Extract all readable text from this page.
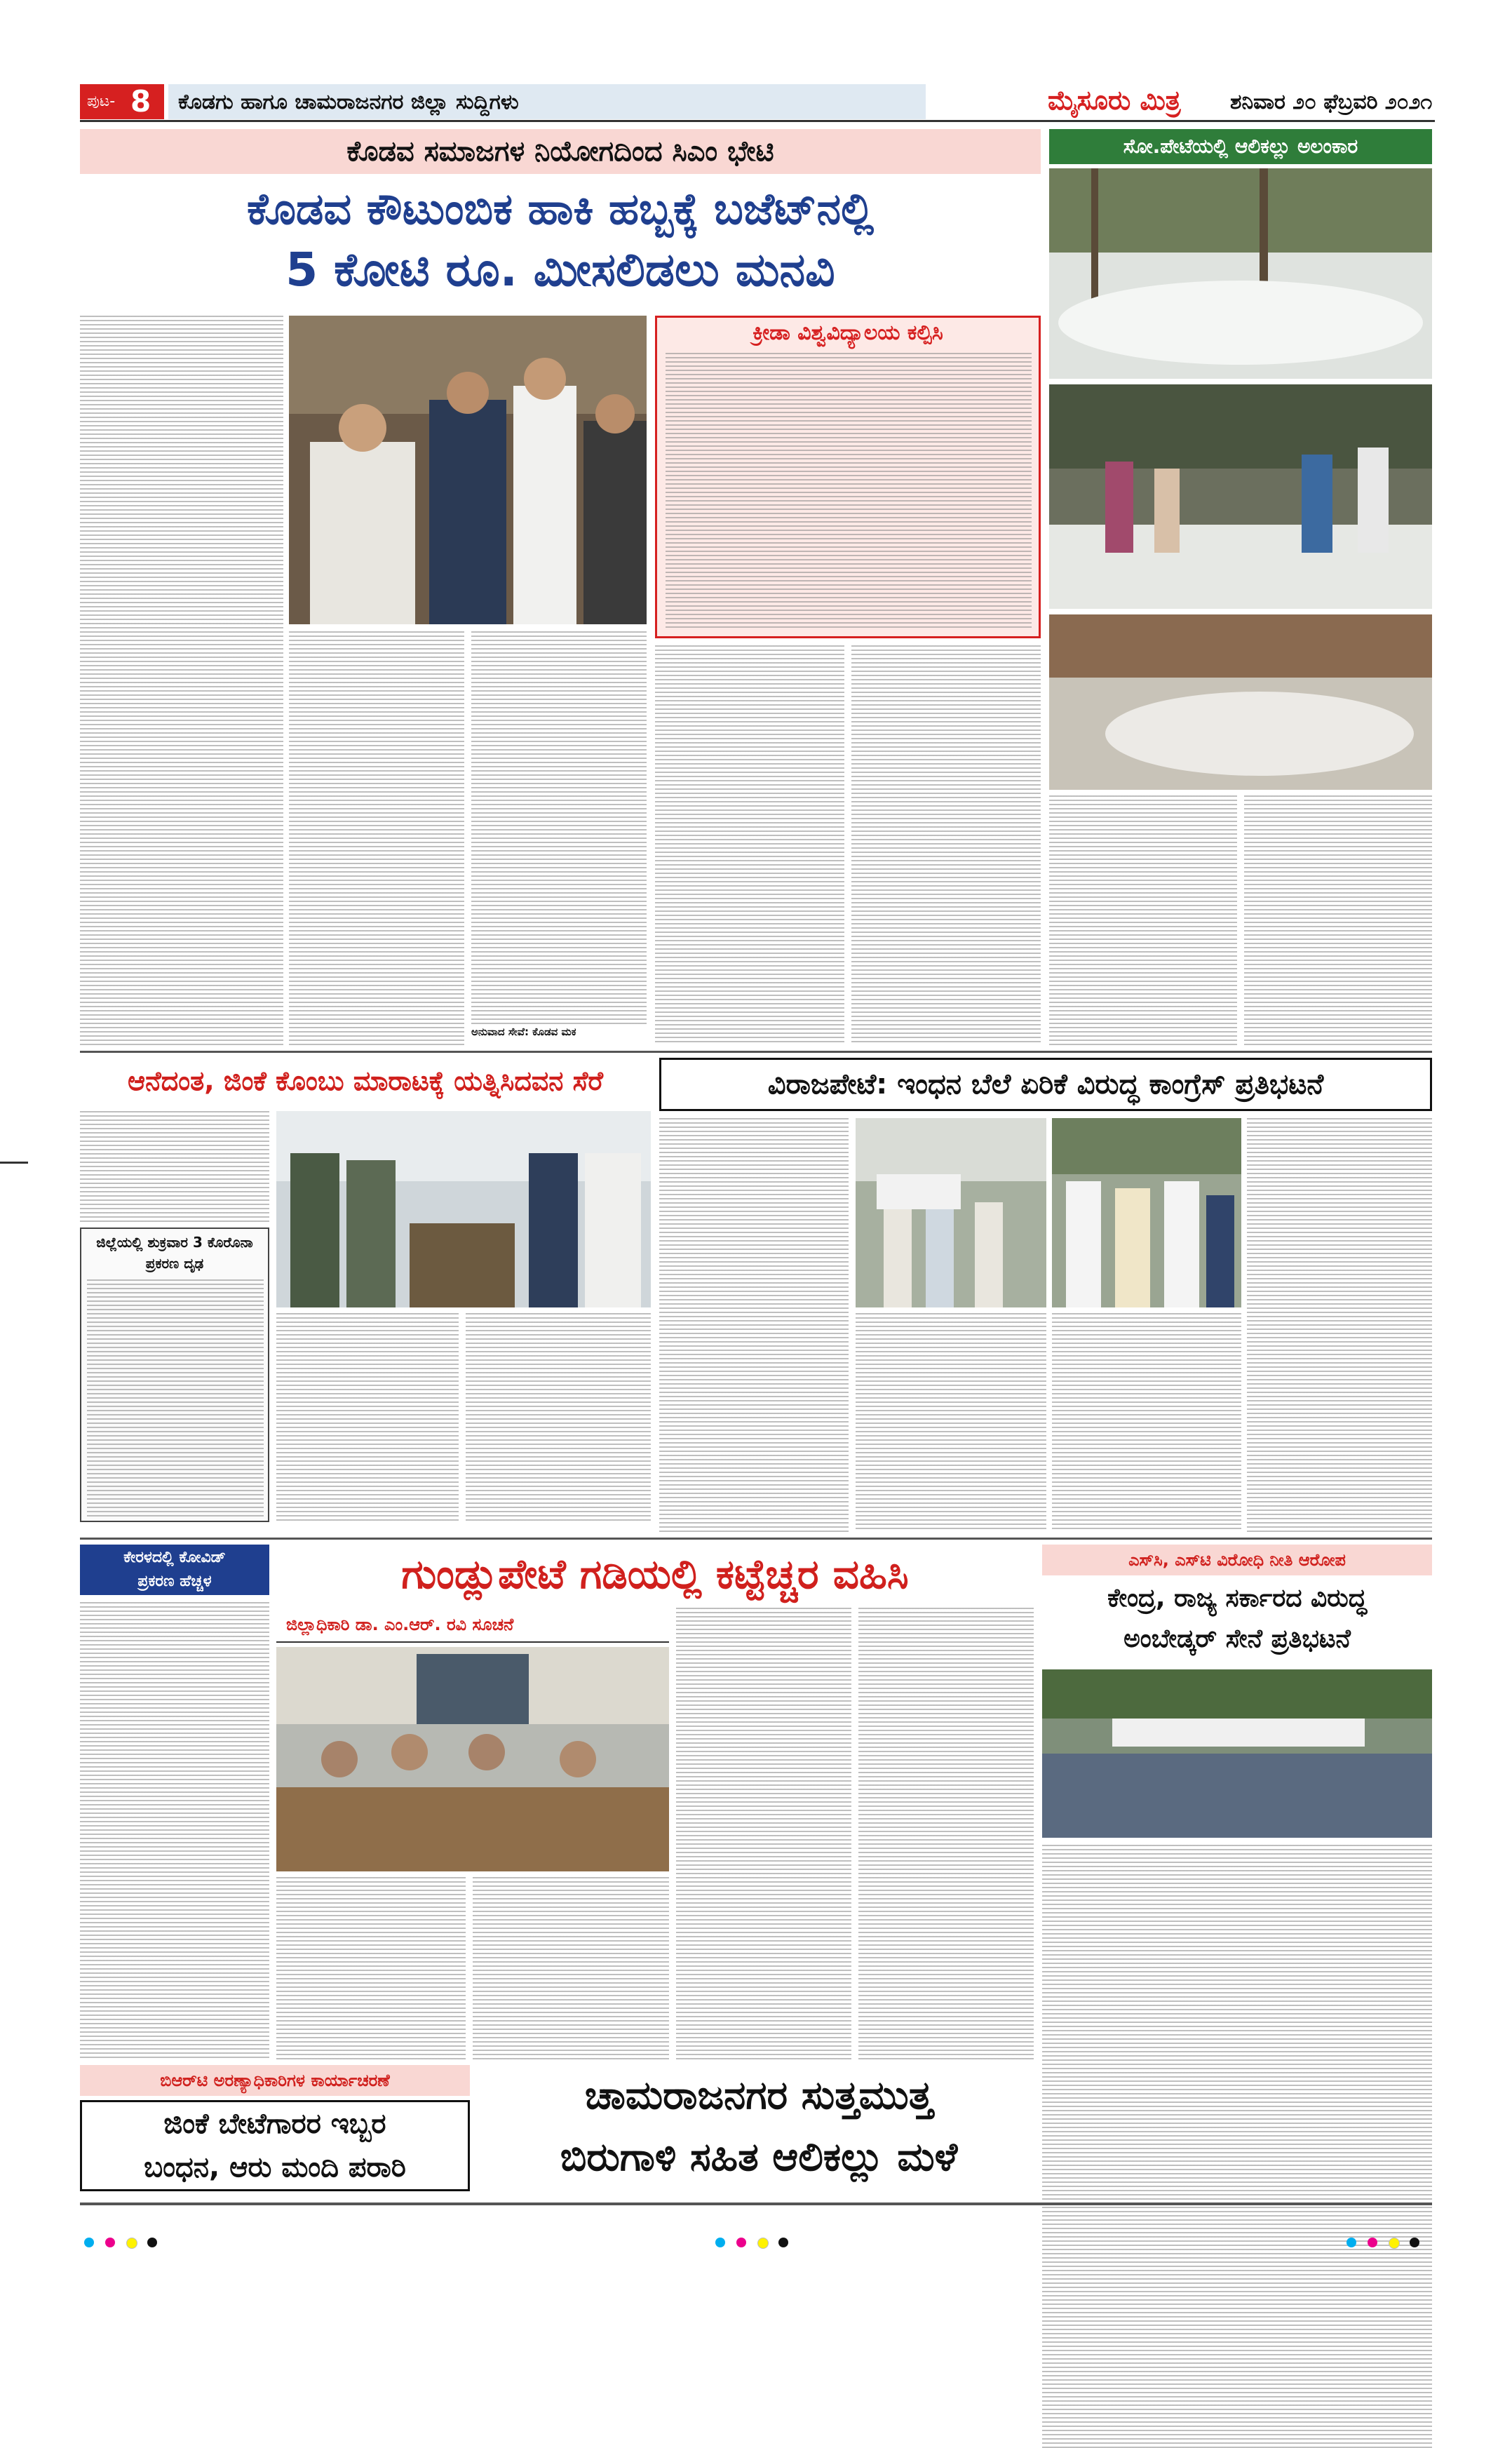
ಪುಟ- 8 ಕೊಡಗು ಹಾಗೂ ಚಾಮರಾಜನಗರ ಜಿಲ್ಲಾ ಸುದ್ದಿಗಳು	ಮೈಸೂರು ಮಿತ್ರ ಶನಿವಾರ ೨೦ ಫೆಬ್ರವರಿ ೨೦೨೧
ಕೊಡವ ಸಮಾಜಗಳ ನಿಯೋಗದಿಂದ ಸಿಎಂ ಭೇಟಿ
ಕೊಡವ ಕೌಟುಂಬಿಕ ಹಾಕಿ ಹಬ್ಬಕ್ಕೆ ಬಜೆಟ್‌ನಲ್ಲಿ
5 ಕೋಟಿ ರೂ. ಮೀಸಲಿಡಲು ಮನವಿ
ಅನುವಾದ ಸೇವೆ: ಕೊಡವ ಮಕ
ಕ್ರೀಡಾ ವಿಶ್ವವಿದ್ಯಾಲಯ ಕಲ್ಪಿಸಿ
ಸೋ.ಪೇಟೆಯಲ್ಲಿ ಆಲಿಕಲ್ಲು ಅಲಂಕಾರ
ಆನೆದಂತ, ಜಿಂಕೆ ಕೊಂಬು ಮಾರಾಟಕ್ಕೆ ಯತ್ನಿಸಿದವನ ಸೆರೆ
ಜಿಲ್ಲೆಯಲ್ಲಿ ಶುಕ್ರವಾರ 3 ಕೊರೊನಾ ಪ್ರಕರಣ ದೃಢ
ವಿರಾಜಪೇಟೆ: ಇಂಧನ ಬೆಲೆ ಏರಿಕೆ ವಿರುದ್ಧ ಕಾಂಗ್ರೆಸ್ ಪ್ರತಿಭಟನೆ
ಕೇರಳದಲ್ಲಿ ಕೋವಿಡ್
ಪ್ರಕರಣ ಹೆಚ್ಚಳ	ಗುಂಡ್ಲುಪೇಟೆ ಗಡಿಯಲ್ಲಿ ಕಟ್ಟೆಚ್ಚರ ವಹಿಸಿ
ಜಿಲ್ಲಾಧಿಕಾರಿ ಡಾ. ಎಂ.ಆರ್. ರವಿ ಸೂಚನೆ
ಎಸ್‌ಸಿ, ಎಸ್‌ಟಿ ವಿರೋಧಿ ನೀತಿ ಆರೋಪ
ಕೇಂದ್ರ, ರಾಜ್ಯ ಸರ್ಕಾರದ ವಿರುದ್ಧ
ಅಂಬೇಡ್ಕರ್ ಸೇನೆ ಪ್ರತಿಭಟನೆ
ಬಿಆರ್‌ಟಿ ಅರಣ್ಯಾಧಿಕಾರಿಗಳ ಕಾರ್ಯಾಚರಣೆ
ಜಿಂಕೆ ಬೇಟೆಗಾರರ ಇಬ್ಬರ
ಬಂಧನ, ಆರು ಮಂದಿ ಪರಾರಿ
ಚಾಮರಾಜನಗರ ಸುತ್ತಮುತ್ತ
ಬಿರುಗಾಳಿ ಸಹಿತ ಆಲಿಕಲ್ಲು ಮಳೆ
